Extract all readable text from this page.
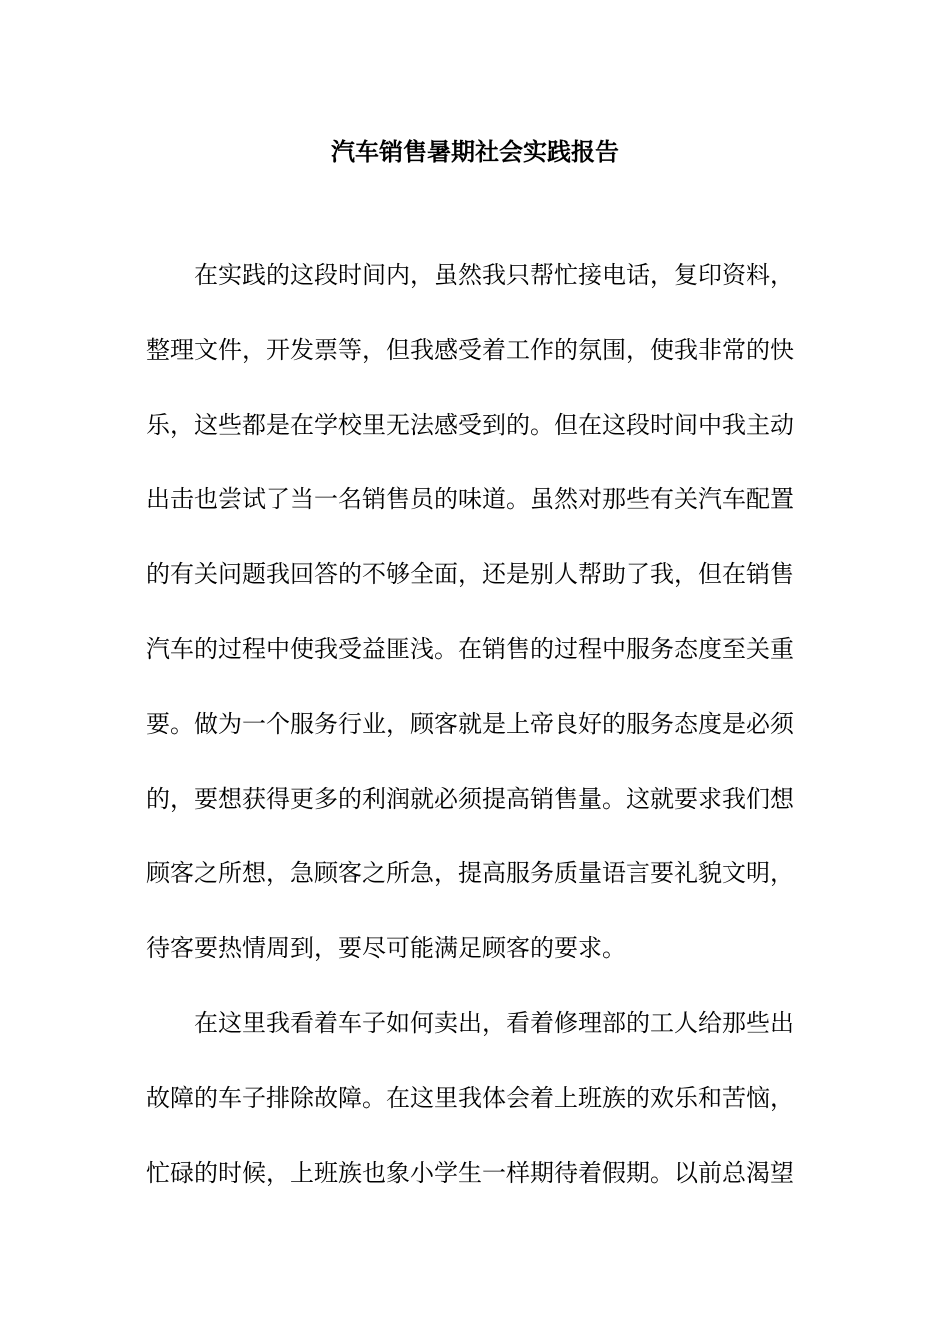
汽车销售暑期社会实践报告
在实践的这段时间内，虽然我只帮忙接电话，复印资料，
整理文件，开发票等，但我感受着工作的氛围，使我非常的快
乐，这些都是在学校里无法感受到的。但在这段时间中我主动
出击也尝试了当一名销售员的味道。虽然对那些有关汽车配置
的有关问题我回答的不够全面，还是别人帮助了我，但在销售
汽车的过程中使我受益匪浅。在销售的过程中服务态度至关重
要。做为一个服务行业，顾客就是上帝良好的服务态度是必须
的，要想获得更多的利润就必须提高销售量。这就要求我们想
顾客之所想，急顾客之所急，提高服务质量语言要礼貌文明，
待客要热情周到，要尽可能满足顾客的要求。
在这里我看着车子如何卖出，看着修理部的工人给那些出
故障的车子排除故障。在这里我体会着上班族的欢乐和苦恼，
忙碌的时候，上班族也象小学生一样期待着假期。以前总渴望
